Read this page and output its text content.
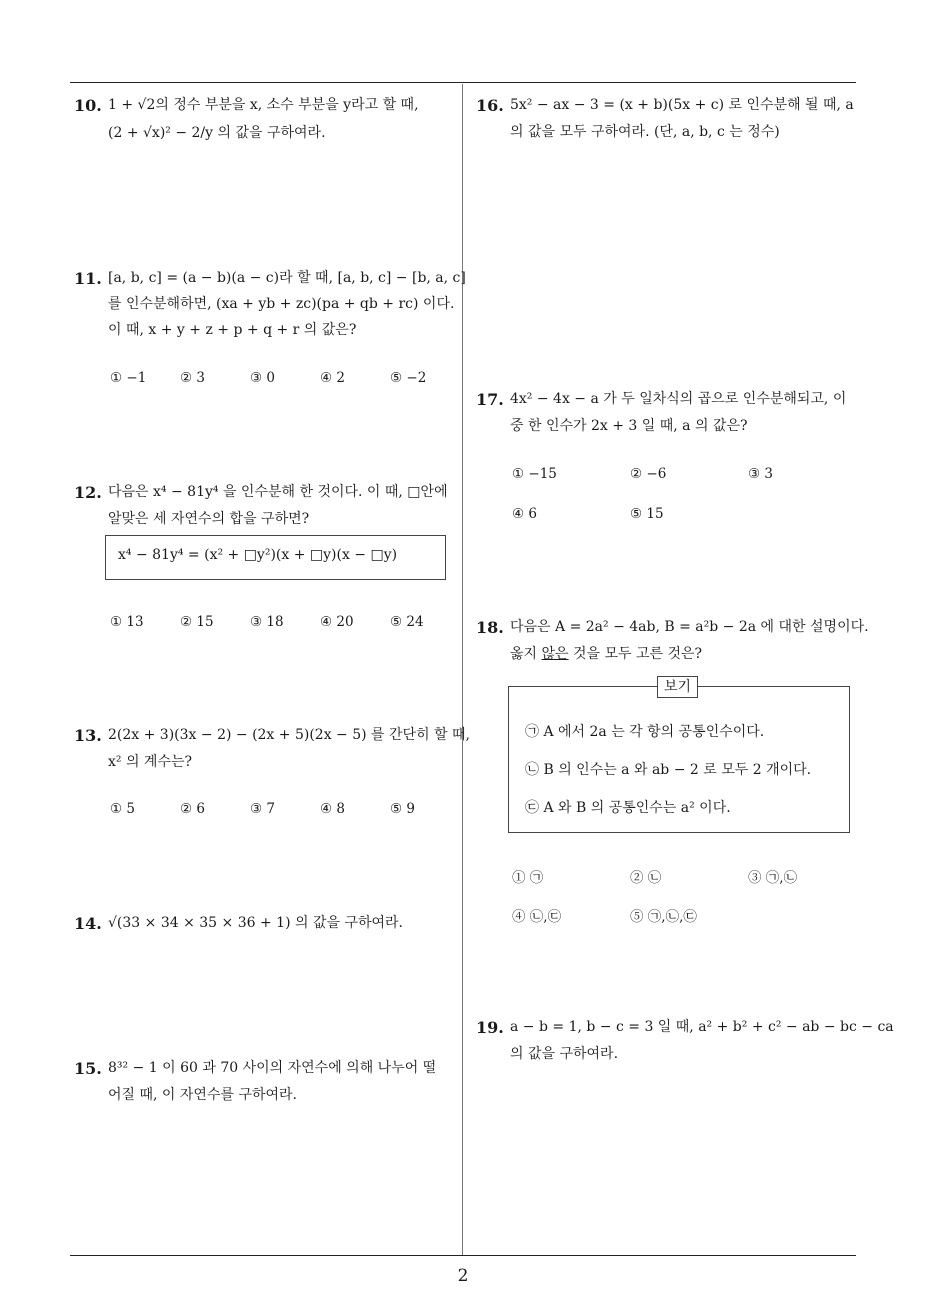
10. 1 + √2의 정수 부분을 x, 소수 부분을 y라고 할 때,
(2 + √x)² − 2/y 의 값을 구하여라.
11. [a, b, c] = (a − b)(a − c)라 할 때, [a, b, c] − [b, a, c]
를 인수분해하면, (xa + yb + zc)(pa + qb + rc) 이다.
이 때, x + y + z + p + q + r 의 값은?
① −1 ② 3	③ 0	④ 2	⑤ −2
12. 다음은 x⁴ − 81y⁴ 을 인수분해 한 것이다. 이 때, □안에
알맞은 세 자연수의 합을 구하면?
x⁴ − 81y⁴ = (x² + □y²)(x + □y)(x − □y)
① 13	② 15	③ 18	④ 20	⑤ 24
13. 2(2x + 3)(3x − 2) − (2x + 5)(2x − 5) 를 간단히 할 때,
x² 의 계수는?
① 5	② 6	③ 7	④ 8	⑤ 9
14. √(33 × 34 × 35 × 36 + 1) 의 값을 구하여라.
15. 8³² − 1 이 60 과 70 사이의 자연수에 의해 나누어 떨
어질 때, 이 자연수를 구하여라.
16. 5x² − ax − 3 = (x + b)(5x + c) 로 인수분해 될 때, a
의 값을 모두 구하여라. (단, a, b, c 는 정수)
17. 4x² − 4x − a 가 두 일차식의 곱으로 인수분해되고, 이
중 한 인수가 2x + 3 일 때, a 의 값은?
① −15	② −6	③ 3
④ 6	⑤ 15
18. 다음은 A = 2a² − 4ab, B = a²b − 2a 에 대한 설명이다.
옳지 않은 것을 모두 고른 것은?
보기
㉠ A 에서 2a 는 각 항의 공통인수이다.
㉡ B 의 인수는 a 와 ab − 2 로 모두 2 개이다.
㉢ A 와 B 의 공통인수는 a² 이다.
① ㉠	② ㉡	③ ㉠,㉡
④ ㉡,㉢	⑤ ㉠,㉡,㉢
19. a − b = 1, b − c = 3 일 때, a² + b² + c² − ab − bc − ca
의 값을 구하여라.
2
